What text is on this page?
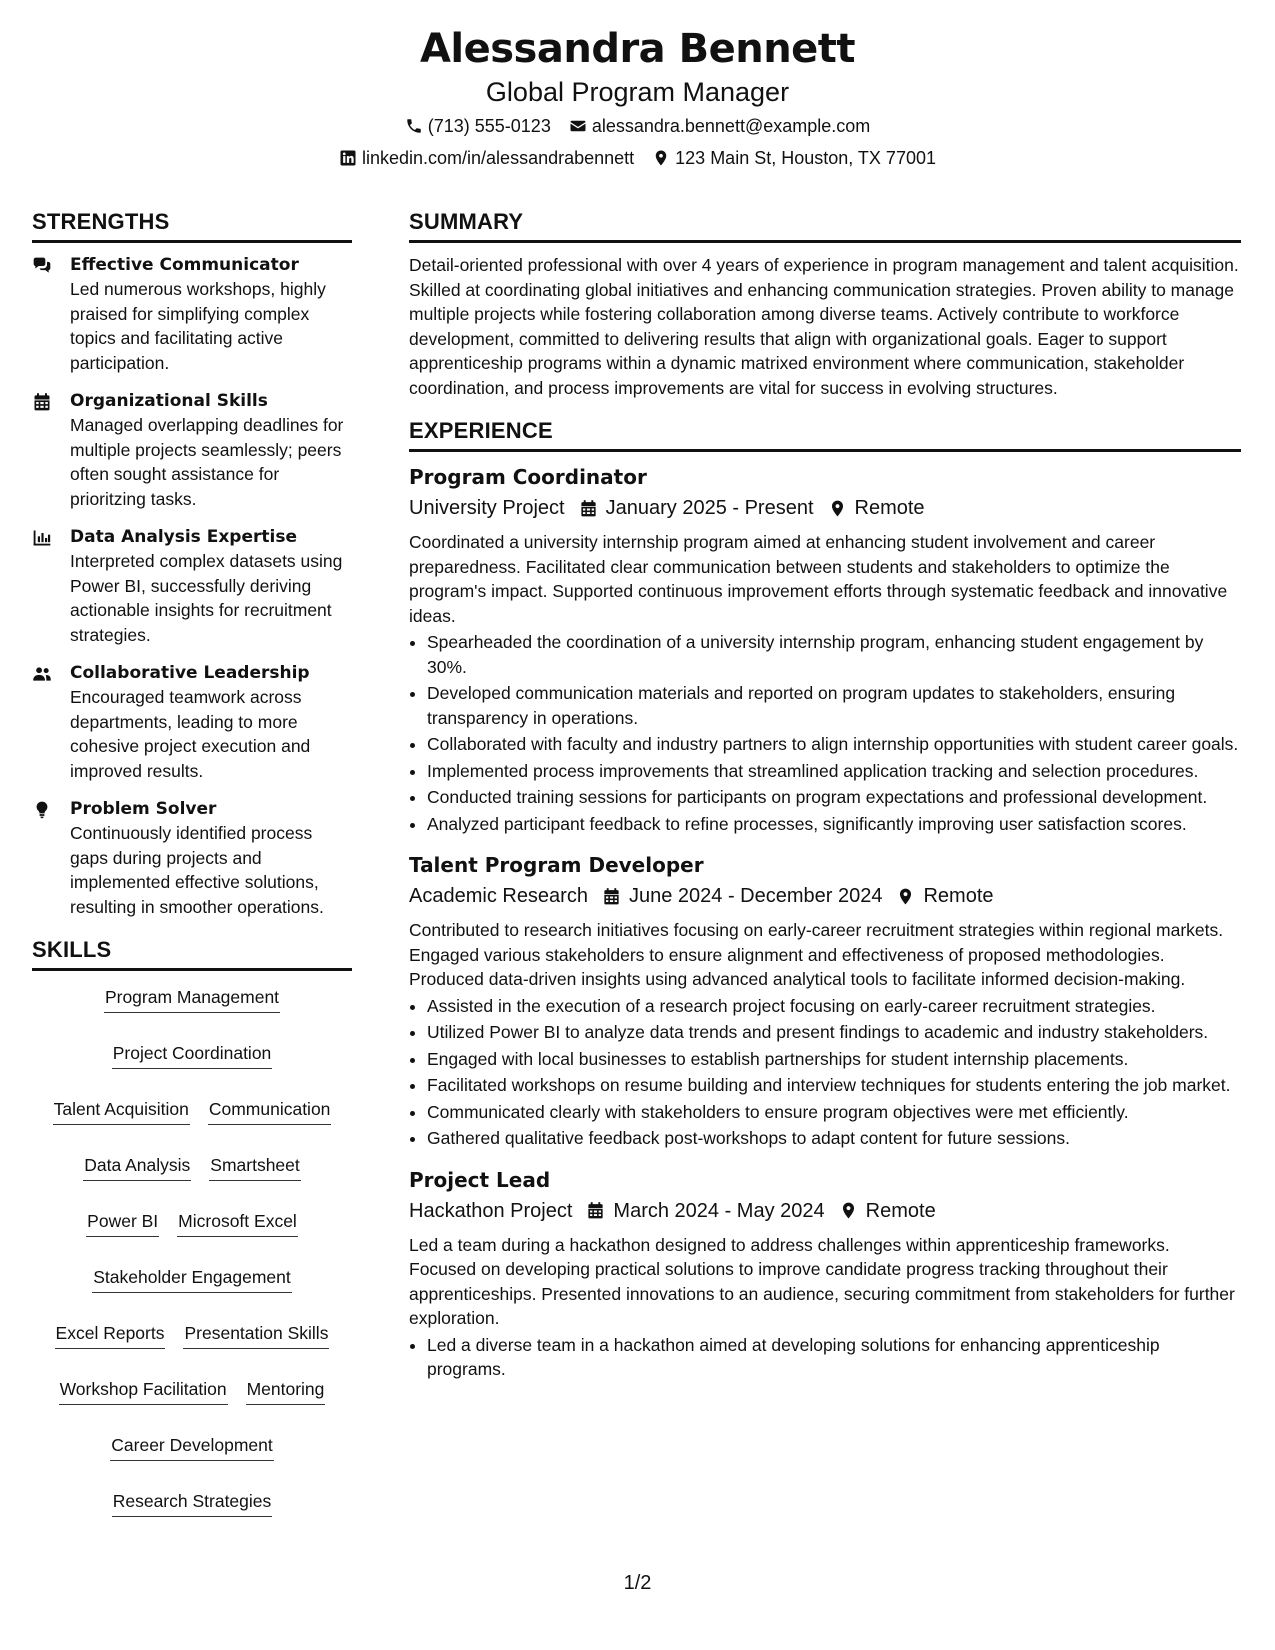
Alessandra Bennett
Global Program Manager
(713) 555-0123 alessandra.bennett@example.com
linkedin.com/in/alessandrabennett 123 Main St, Houston, TX 77001
STRENGTHS
Effective Communicator
Led numerous workshops, highly praised for simplifying complex topics and facilitating active participation.
Organizational Skills
Managed overlapping deadlines for multiple projects seamlessly; peers often sought assistance for prioritzing tasks.
Data Analysis Expertise
Interpreted complex datasets using Power BI, successfully deriving actionable insights for recruitment strategies.
Collaborative Leadership
Encouraged teamwork across departments, leading to more cohesive project execution and improved results.
Problem Solver
Continuously identified process gaps during projects and implemented effective solutions, resulting in smoother operations.
SKILLS
Program Management
Project Coordination
Talent Acquisition Communication
Data Analysis Smartsheet
Power BI Microsoft Excel
Stakeholder Engagement
Excel Reports Presentation Skills
Workshop Facilitation Mentoring
Career Development
Research Strategies
SUMMARY
Detail-oriented professional with over 4 years of experience in program management and talent acquisition. Skilled at coordinating global initiatives and enhancing communication strategies. Proven ability to manage multiple projects while fostering collaboration among diverse teams. Actively contribute to workforce development, committed to delivering results that align with organizational goals. Eager to support apprenticeship programs within a dynamic matrixed environment where communication, stakeholder coordination, and process improvements are vital for success in evolving structures.
EXPERIENCE
Program Coordinator
University Project January 2025 - Present Remote
Coordinated a university internship program aimed at enhancing student involvement and career preparedness. Facilitated clear communication between students and stakeholders to optimize the program's impact. Supported continuous improvement efforts through systematic feedback and innovative ideas.
• Spearheaded the coordination of a university internship program, enhancing student engagement by 30%.
• Developed communication materials and reported on program updates to stakeholders, ensuring transparency in operations.
• Collaborated with faculty and industry partners to align internship opportunities with student career goals.
• Implemented process improvements that streamlined application tracking and selection procedures.
• Conducted training sessions for participants on program expectations and professional development.
• Analyzed participant feedback to refine processes, significantly improving user satisfaction scores.
Talent Program Developer
Academic Research June 2024 - December 2024 Remote
Contributed to research initiatives focusing on early-career recruitment strategies within regional markets. Engaged various stakeholders to ensure alignment and effectiveness of proposed methodologies. Produced data-driven insights using advanced analytical tools to facilitate informed decision-making.
• Assisted in the execution of a research project focusing on early-career recruitment strategies.
• Utilized Power BI to analyze data trends and present findings to academic and industry stakeholders.
• Engaged with local businesses to establish partnerships for student internship placements.
• Facilitated workshops on resume building and interview techniques for students entering the job market.
• Communicated clearly with stakeholders to ensure program objectives were met efficiently.
• Gathered qualitative feedback post-workshops to adapt content for future sessions.
Project Lead
Hackathon Project March 2024 - May 2024 Remote
Led a team during a hackathon designed to address challenges within apprenticeship frameworks. Focused on developing practical solutions to improve candidate progress tracking throughout their apprenticeships. Presented innovations to an audience, securing commitment from stakeholders for further exploration.
• Led a diverse team in a hackathon aimed at developing solutions for enhancing apprenticeship programs.
1/2
